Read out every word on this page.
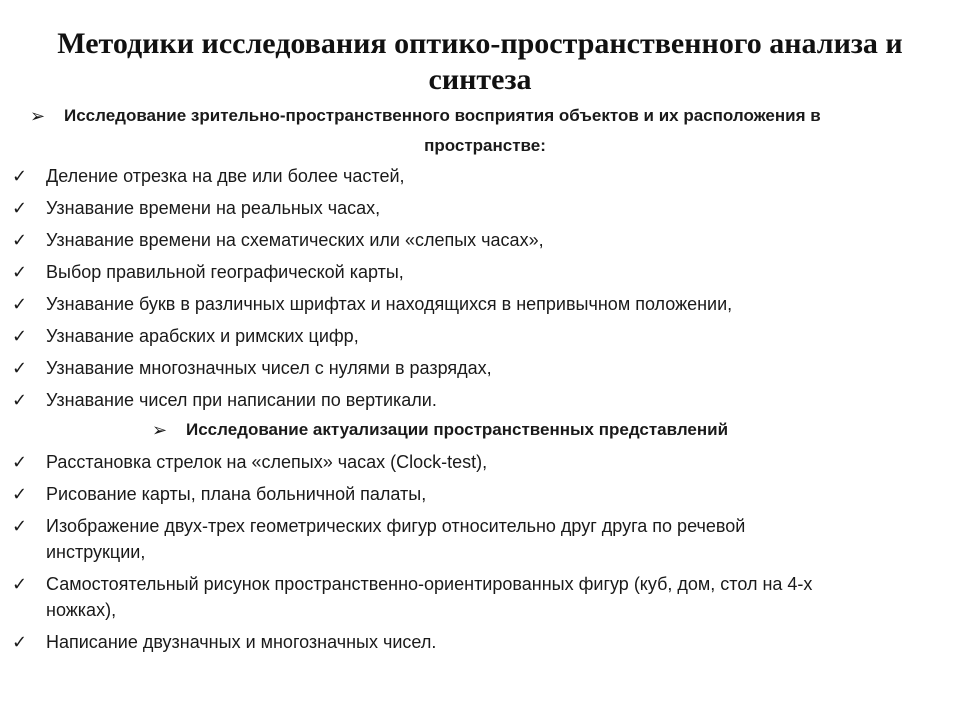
Методики исследования оптико-пространственного анализа и синтеза
➢ Исследование зрительно-пространственного восприятия объектов и их расположения в
пространстве:
✓ Деление отрезка на две или более частей,
✓ Узнавание времени на реальных часах,
✓ Узнавание времени на схематических или «слепых часах»,
✓ Выбор правильной географической карты,
✓ Узнавание букв в различных шрифтах и находящихся в непривычном положении,
✓ Узнавание арабских и римских цифр,
✓ Узнавание многозначных чисел с нулями в разрядах,
✓ Узнавание чисел при написании по вертикали.
➢ Исследование актуализации пространственных представлений
✓ Расстановка стрелок на «слепых» часах (Clock-test),
✓ Рисование карты, плана больничной палаты,
✓ Изображение двух-трех геометрических фигур относительно друг друга по речевой
инструкции,
✓ Самостоятельный рисунок пространственно-ориентированных фигур (куб, дом, стол на 4-х
ножках),
✓ Написание двузначных и многозначных чисел.
